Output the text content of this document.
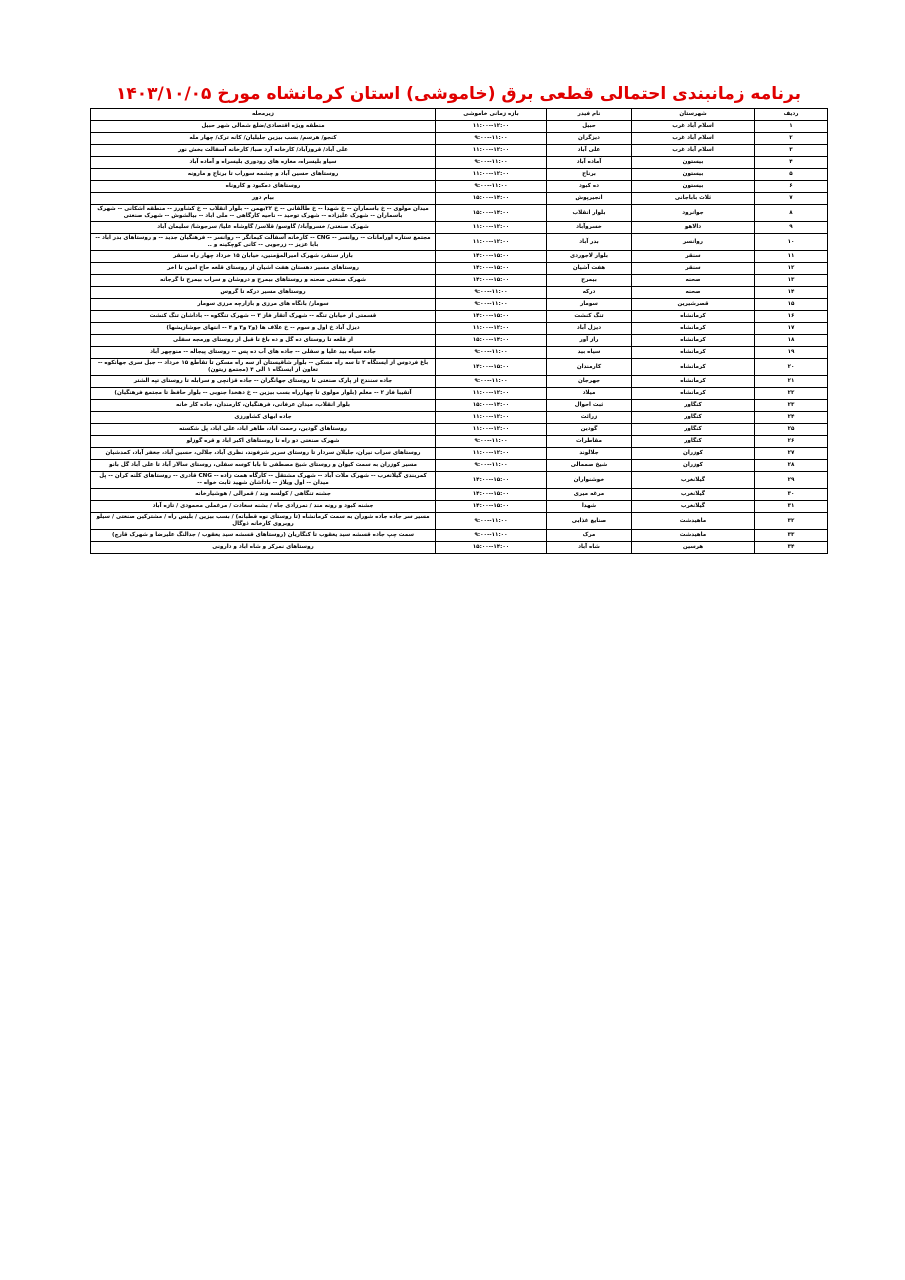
برنامه زمانبندی احتمالی قطعی برق (خاموشی) استان کرمانشاه مورخ ۱۴۰۳/۱۰/۰۵
ردیف	شهرستان	نام فیدر	بازه زمانی خاموشی	زیرمحله
۱	اسلام آباد غرب	حبیل	۱۲:۰۰--۱۱:۰۰	منطقه ویژه اقتصادی/ضلع شمالی شهر حبیل
۲	اسلام آباد غرب	دیزگران	۱۱:۰۰--۹:۰۰	کنجو/ هرسم/ بسب بیزین جلیلیان/ کانه ترک/ چهار مله
۳	اسلام آباد غرب	علی آباد	۱۲:۰۰--۱۱:۰۰	علی آباد/ قروزآباد/ کارخانه آرد صبا/ کارخانه آسفالت بخش نور
۴	بیستون	آماده آباد	۱۱:۰۰--۹:۰۰	سیاو بلیسراه، مغازه های رودوری بلیسراه و آماده آباد
۵	بیستون	برناج	۱۲:۰۰--۱۱:۰۰	روستاهای حسین آباد و چشمه سوراب تا برناج و مارونه
۶	بیستون	ده کبود	۱۱:۰۰--۹:۰۰	روستاهای دمکبود و کاروناه
۷	ثلاث باباجانی	انجیرپوش	۱۴:۰۰--۱۵:۰۰	بیام دور
۸	جوانرود	بلوار انقلاب	۱۴:۰۰--۱۵:۰۰	میدان مولوی -- خ باسماران -- خ شهدا -- خ طالقانی -- خ ۲۲بهمن -- بلوار انقلاب -- خ کشاورز -- منطقه اشکانی -- شهرک باسماران -- شهرک علیزاده -- شهرک توحید -- ناحیه کارگاهی -- ملی اباد -- بیالشوش -- شهرک صنعتی
۹	دالاهو	خسروآباد	۱۲:۰۰--۱۱:۰۰	شهرک صنعتی/ خسروآباد/ گاوسو/ قلاسر/ گاوشاه علیا/ سرجوشا/ سلیمان آباد
۱۰	روانسر	بدر آباد	۱۲:۰۰--۱۱:۰۰	مجتمع ستاره اورامانات -- روانسر -- CNG -- کارخانه آسفالت کیمانگر -- روانسر -- فرهنگیان جدید -- و روستاهای بدر اباد -- بابا عزیز -- زرجوبی -- کانی کوچکینه و ..
۱۱	سنقر	بلوار لاجوردی	۱۵:۰۰--۱۴:۰۰	بازار سنقر، شهرک امیرالمؤمنین، خیابان ۱۵ خرداد چهار راه سنقر
۱۲	سنقر	هفت آشیان	۱۵:۰۰--۱۴:۰۰	روستاهای مسیر دهستان هفت اشیان از روستای قلعه حاج امین تا اخر
۱۳	صحنه	بیمرج	۱۵:۰۰--۱۴:۰۰	شهرک صنعتی صحنه و روستاهای بیمرج و دروشان و سراب بیمرج تا گرجانه
۱۴	صحنه	درکه	۱۱:۰۰--۹:۰۰	روستاهای مسیر درکه تا گروس
۱۵	قصرشیرین	سومار	۱۱:۰۰--۹:۰۰	سومار/ بانگاه های مرزی و بازارچه مرزی سومار
۱۶	کرمانشاه	تنگ کنشت	۱۵:۰۰--۱۴:۰۰	قسمتی از خیابان تنگه -- شهرک آتقار فاز ۳ -- شهرک تنگکوه -- باداشان تنگ کنشت
۱۷	کرمانشاه	دیزل آباد	۱۲:۰۰--۱۱:۰۰	دیزل آباد خ اول و سوم -- خ علاف ها (و۲ و۳ و ۴ -- انتهای جوشازیشها)
۱۸	کرمانشاه	راز آور	۱۴:۰۰--۱۵:۰۰	از قلعه تا روستای ده گل و ده باغ تا قبل از روستای ورمجه سفلی
۱۹	کرمانشاه	سیاه بید	۱۱:۰۰--۹:۰۰	جاده سیاه بید علیا و سفلی -- جاده های آب ده پس -- روستای پیجاله -- منوچهر آباد
۲۰	کرمانشاه	کارمندان	۱۵:۰۰--۱۴:۰۰	باغ فردوس از ایستگاه ۲ تا سه راه مسکن -- بلوار شاقیستان از سه راه مسکن تا تقاطع ۱۵ خرداد -- جبل سری جهانکوه -- تعاون از ایستگاه ۱ الی ۴ (مجتمع زیتون)
۲۱	کرمانشاه	جهرجان	۱۱:۰۰--۹:۰۰	جاده سنندج از پارک صنعتی تا روستای جهانگران -- جاده قزانچی و سرابله تا روستای تپه الشتر
۲۲	کرمانشاه	میلاد	۱۲:۰۰--۱۱:۰۰	آتقیبا فاز ۲ -- معلم (بلوار مولوی تا چهارراه بسب بیزین -- خ دهخدا جنوبی -- بلوار حافظ تا مجتمع فرهنگیان)
۲۳	کنگاور	ثبت احوال	۱۴:۰۰--۱۵:۰۰	بلوار انقلاب، میدان عرفانی، فرهنگیان، کارمندان، جاده کار خانه
۲۴	کنگاور	زرائت	۱۲:۰۰--۱۱:۰۰	جاده ابهای کشاورزی
۲۵	کنگاور	گودین	۱۲:۰۰--۱۱:۰۰	روستاهای گودین، رحمت اباد، طاهر اباد، علی اباد، پل شکسته
۲۶	کنگاور	مقاطرات	۱۱:۰۰--۹:۰۰	شهرک صنعتی دو راه تا روستاهای اکبر اباد و قره گوزلو
۲۷	کوزران	جلالوند	۱۲:۰۰--۱۱:۰۰	روستاهای سراب نیران، جلیلان سردار تا روستای سریر شرفوند، نظری آباد، جلالی، حسین آباد، جعفر آباد، کمدشیان
۲۸	کوزران	شیخ صممالی	۱۱:۰۰--۹:۰۰	مسیر کوزران به سمت کیوان و روستای شیخ مصطفی تا بابا کوسه سفلی، روستای سالار آباد تا علی آباد گل بانو
۲۹	گیلانغرب	خوشنواران	۱۵:۰۰--۱۴:۰۰	کمربندی گیلانغرب -- شهرک ملات آباد -- شهرک مشتقل -- کارگاه همت زاده -- CNG قادری -- روستاهای کلنه کران -- پل میدان -- اول ویلاژ -- باداشان شهید ثابت خواه --
۳۰	گیلانغرب	مرغه میری	۱۵:۰۰--۱۴:۰۰	جشنه تنگاهی / کولسه وند / قمرالی / هوشیارخانه
۳۱	گیلانغرب	شهدا	۱۵:۰۰--۱۴:۰۰	جشنه کبود و رونه مند / نمرزادی جاه / بشنه سعادت / مرغملی محمودی / تازه آباد
۳۲	ماهیدشت	صنایع غذایی	۱۱:۰۰--۹:۰۰	مسیر سر جاده جاده شوران به سمت کرمانشاه (تا روستای نوه قطبانه) / بسب بیزین / بلیس راه / مشترکین صنعتی / سیلو روبروی کارخانه ذوگال
۳۳	ماهیدشت	مرک	۱۱:۰۰--۹:۰۰	سمت چپ جاده قسشه سید یعقوب تا کنگاریان (روستاهای قسشه سید یعقوب / جدالنگ علیرضا و شهرک قارچ)
۳۴	هرسین	شاه آباد	۱۴:۰۰--۱۵:۰۰	روستاهای نمرکر و شاه اباد و دارونی
